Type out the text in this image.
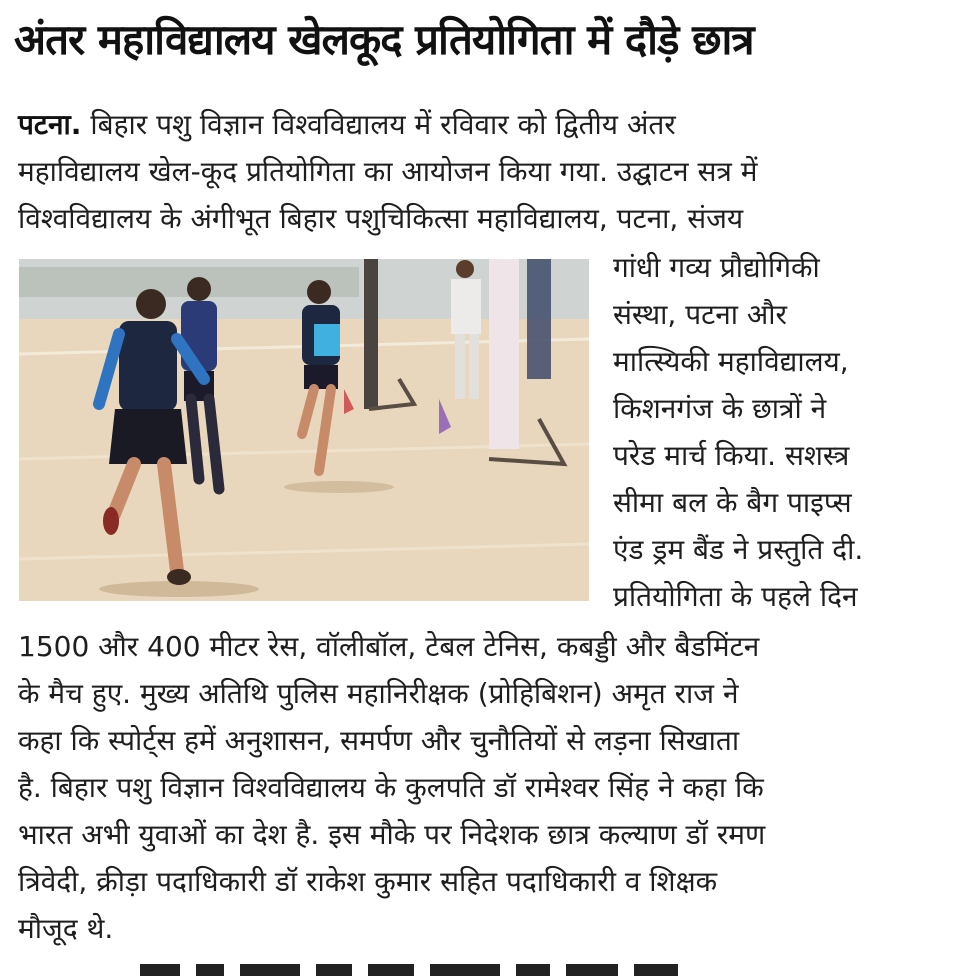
अंतर महाविद्यालय खेलकूद प्रतियोगिता में दौड़े छात्र
पटना. बिहार पशु विज्ञान विश्वविद्यालय में रविवार को द्वितीय अंतर
महाविद्यालय खेल-कूद प्रतियोगिता का आयोजन किया गया. उद्घाटन सत्र में
विश्वविद्यालय के अंगीभूत बिहार पशुचिकित्सा महाविद्यालय, पटना, संजय
गांधी गव्य प्रौद्योगिकी
संस्था, पटना और
मात्स्यिकी महाविद्यालय,
किशनगंज के छात्रों ने
परेड मार्च किया. सशस्त्र
सीमा बल के बैग पाइप्स
एंड ड्रम बैंड ने प्रस्तुति दी.
प्रतियोगिता के पहले दिन
1500 और 400 मीटर रेस, वॉलीबॉल, टेबल टेनिस, कबड्डी और बैडमिंटन
के मैच हुए. मुख्य अतिथि पुलिस महानिरीक्षक (प्रोहिबिशन) अमृत राज ने
कहा कि स्पोर्ट्स हमें अनुशासन, समर्पण और चुनौतियों से लड़ना सिखाता
है. बिहार पशु विज्ञान विश्वविद्यालय के कुलपति डॉ रामेश्वर सिंह ने कहा कि
भारत अभी युवाओं का देश है. इस मौके पर निदेशक छात्र कल्याण डॉ रमण
त्रिवेदी, क्रीड़ा पदाधिकारी डॉ राकेश कुमार सहित पदाधिकारी व शिक्षक
मौजूद थे.
